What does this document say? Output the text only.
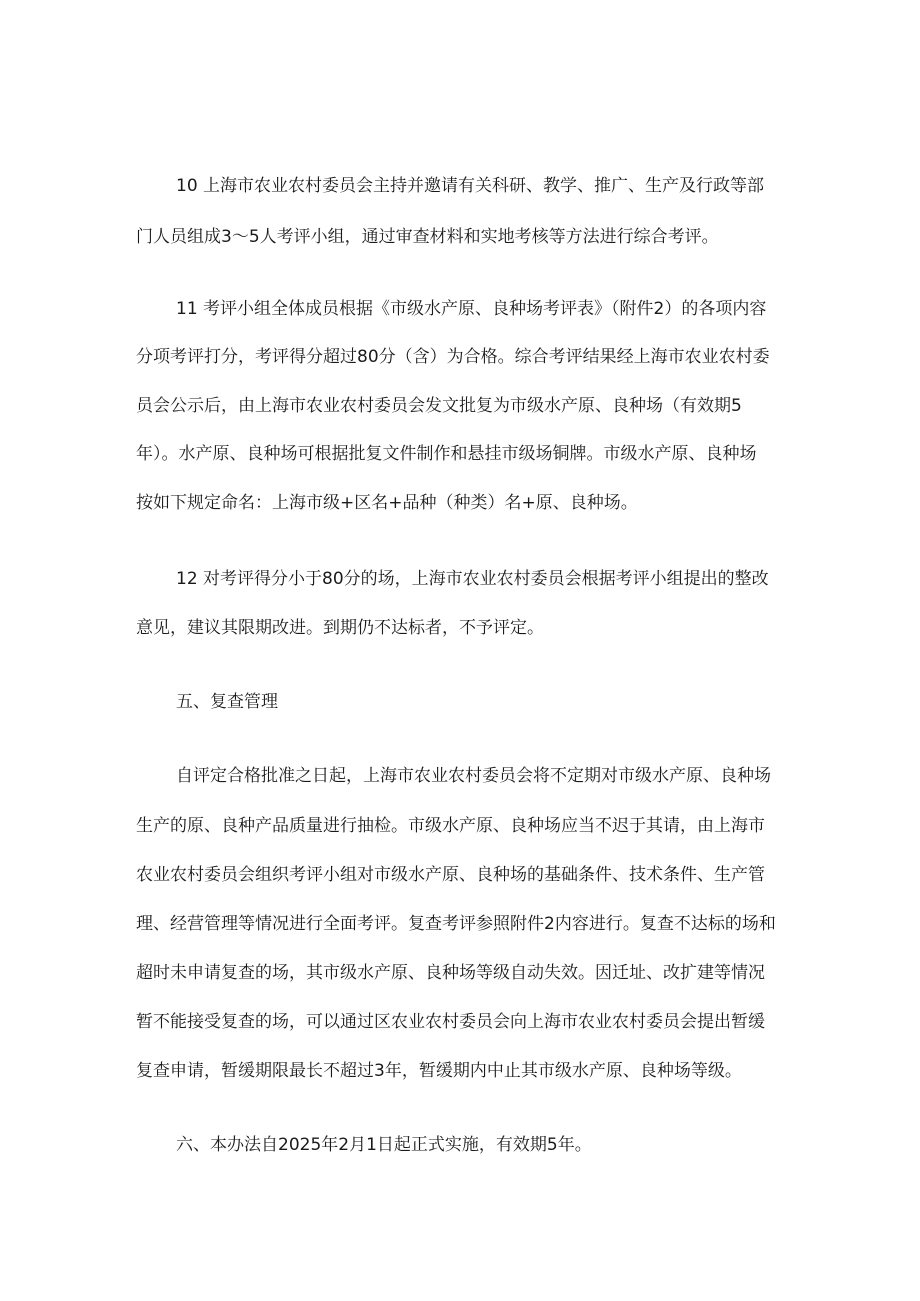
10 上海市农业农村委员会主持并邀请有关科研、教学、推广、生产及行政等部
门人员组成3～5人考评小组，通过审查材料和实地考核等方法进行综合考评。
11 考评小组全体成员根据《市级水产原、良种场考评表》（附件2）的各项内容
分项考评打分，考评得分超过80分（含）为合格。综合考评结果经上海市农业农村委
员会公示后，由上海市农业农村委员会发文批复为市级水产原、良种场（有效期5
年）。水产原、良种场可根据批复文件制作和悬挂市级场铜牌。市级水产原、良种场
按如下规定命名：上海市级+区名+品种（种类）名+原、良种场。
12 对考评得分小于80分的场，上海市农业农村委员会根据考评小组提出的整改
意见，建议其限期改进。到期仍不达标者，不予评定。
五、复查管理
自评定合格批准之日起，上海市农业农村委员会将不定期对市级水产原、良种场
生产的原、良种产品质量进行抽检。市级水产原、良种场应当不迟于其请，由上海市
农业农村委员会组织考评小组对市级水产原、良种场的基础条件、技术条件、生产管
理、经营管理等情况进行全面考评。复查考评参照附件2内容进行。复查不达标的场和
超时未申请复查的场，其市级水产原、良种场等级自动失效。因迁址、改扩建等情况
暂不能接受复查的场，可以通过区农业农村委员会向上海市农业农村委员会提出暂缓
复查申请，暂缓期限最长不超过3年，暂缓期内中止其市级水产原、良种场等级。
六、本办法自2025年2月1日起正式实施，有效期5年。
